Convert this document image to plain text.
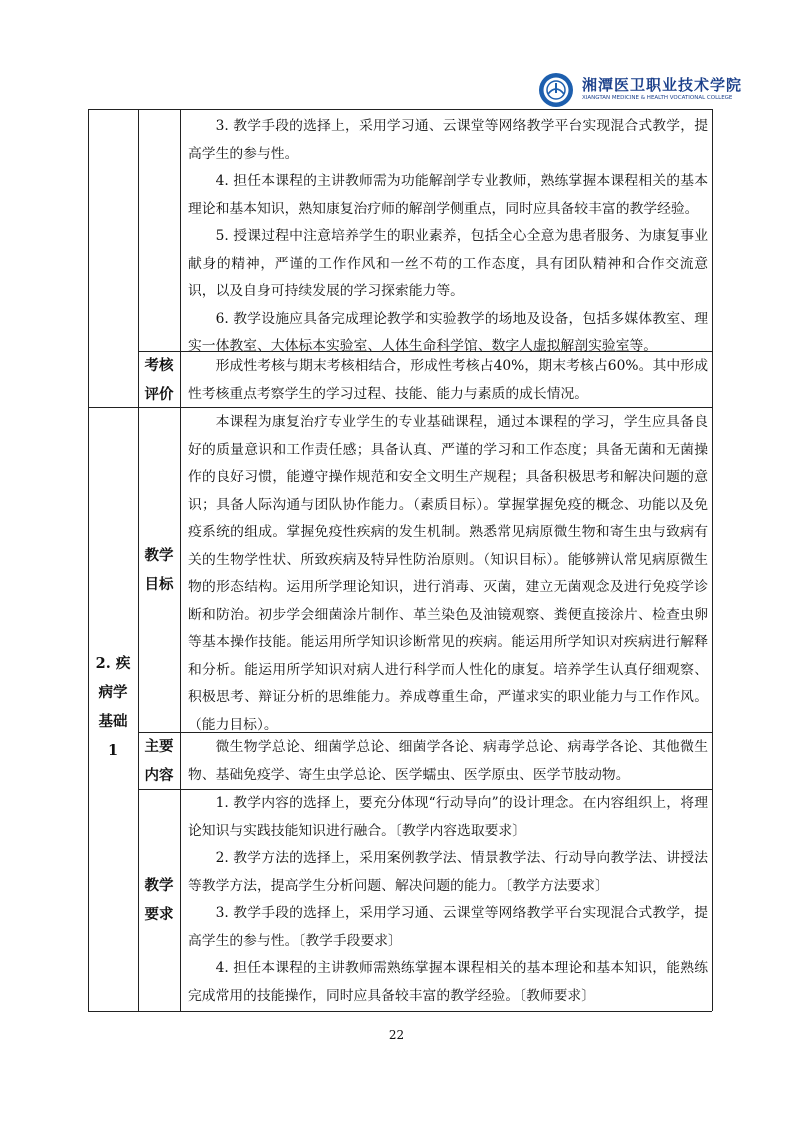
湘潭医卫职业技术学院
XIANGTAN MEDICINE & HEALTH VOCATIONAL COLLEGE

3. 教学手段的选择上，采用学习通、云课堂等网络教学平台实现混合式教学，提高学生的参与性。

4. 担任本课程的主讲教师需为功能解剖学专业教师，熟练掌握本课程相关的基本理论和基本知识，熟知康复治疗师的解剖学侧重点，同时应具备较丰富的教学经验。

5. 授课过程中注意培养学生的职业素养，包括全心全意为患者服务、为康复事业献身的精神，严谨的工作作风和一丝不苟的工作态度，具有团队精神和合作交流意识，以及自身可持续发展的学习探索能力等。

6. 教学设施应具备完成理论教学和实验教学的场地及设备，包括多媒体教室、理实一体教室、大体标本实验室、人体生命科学馆、数字人虚拟解剖实验室等。

考核
评价

形成性考核与期末考核相结合，形成性考核占40%，期末考核占60%。其中形成性考核重点考察学生的学习过程、技能、能力与素质的成长情况。

2. 疾
病学
基础
1
教学
目标

本课程为康复治疗专业学生的专业基础课程，通过本课程的学习，学生应具备良好的质量意识和工作责任感；具备认真、严谨的学习和工作态度；具备无菌和无菌操作的良好习惯，能遵守操作规范和安全文明生产规程；具备积极思考和解决问题的意识；具备人际沟通与团队协作能力。（素质目标）。掌握掌握免疫的概念、功能以及免疫系统的组成。掌握免疫性疾病的发生机制。熟悉常见病原微生物和寄生虫与致病有关的生物学性状、所致疾病及特异性防治原则。（知识目标）。能够辨认常见病原微生物的形态结构。运用所学理论知识，进行消毒、灭菌，建立无菌观念及进行免疫学诊断和防治。初步学会细菌涂片制作、革兰染色及油镜观察、粪便直接涂片、检查虫卵等基本操作技能。能运用所学知识诊断常见的疾病。能运用所学知识对疾病进行解释和分析。能运用所学知识对病人进行科学而人性化的康复。培养学生认真仔细观察、积极思考、辩证分析的思维能力。养成尊重生命，严谨求实的职业能力与工作作风。（能力目标）。

主要
内容

微生物学总论、细菌学总论、细菌学各论、病毒学总论、病毒学各论、其他微生物、基础免疫学、寄生虫学总论、医学蠕虫、医学原虫、医学节肢动物。

教学
要求

1. 教学内容的选择上，要充分体现“行动导向”的设计理念。在内容组织上，将理论知识与实践技能知识进行融合。〔教学内容选取要求〕

2. 教学方法的选择上，采用案例教学法、情景教学法、行动导向教学法、讲授法等教学方法，提高学生分析问题、解决问题的能力。〔教学方法要求〕

3. 教学手段的选择上，采用学习通、云课堂等网络教学平台实现混合式教学，提高学生的参与性。〔教学手段要求〕

4. 担任本课程的主讲教师需熟练掌握本课程相关的基本理论和基本知识，能熟练完成常用的技能操作，同时应具备较丰富的教学经验。〔教师要求〕

22
